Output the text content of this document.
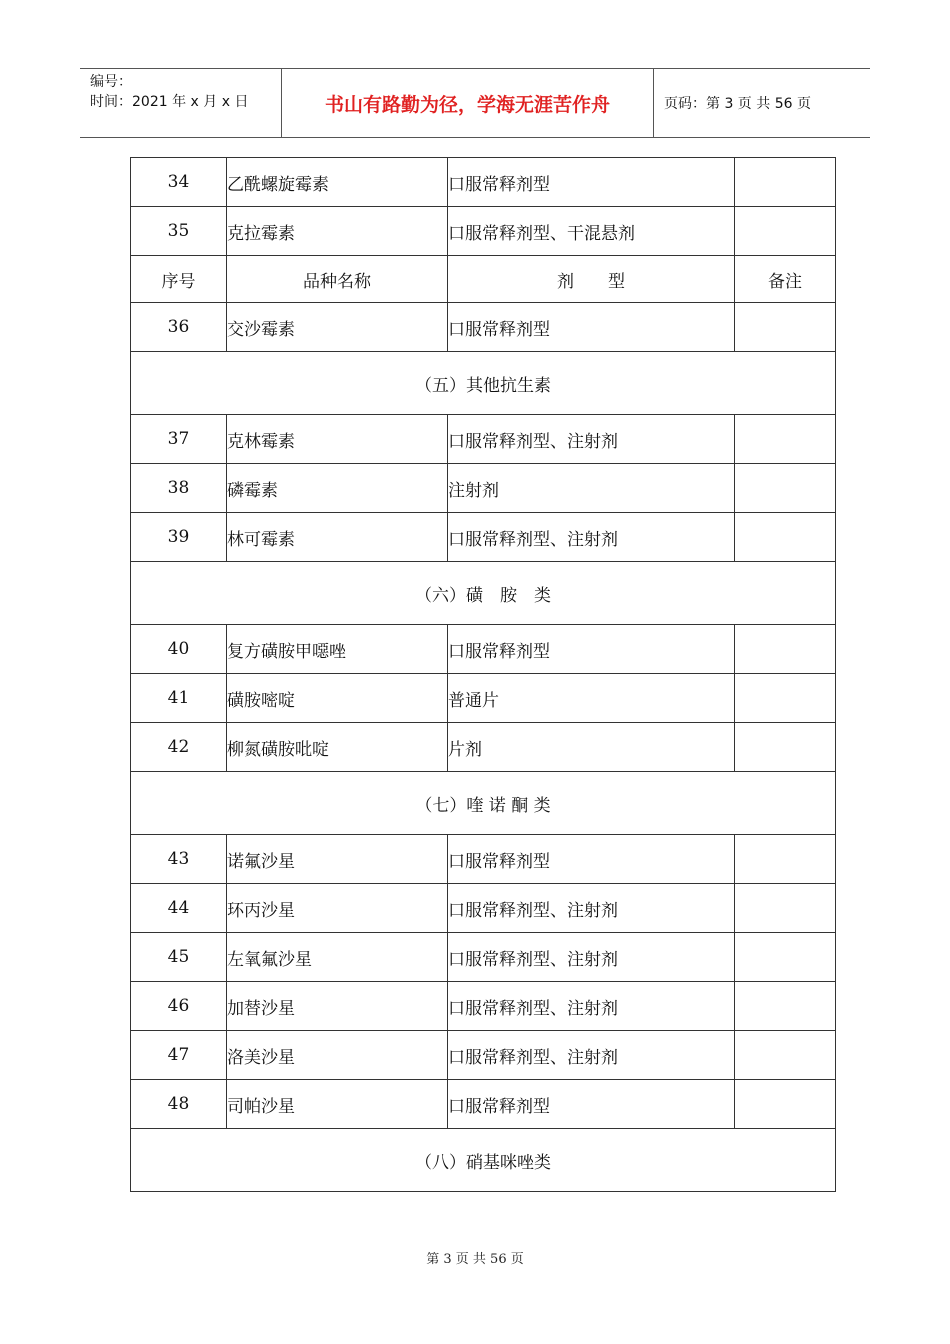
编号：
时间：2021 年 x 月 x 日	书山有路勤为径，学海无涯苦作舟	页码：第 3 页 共 56 页
34	乙酰螺旋霉素	口服常释剂型	
35	克拉霉素	口服常释剂型、干混悬剂	
序号	品种名称	剂　　型	备注
36	交沙霉素	口服常释剂型	
（五）其他抗生素			
37	克林霉素	口服常释剂型、注射剂	
38	磷霉素	注射剂	
39	林可霉素	口服常释剂型、注射剂	
（六）磺　胺　类			
40	复方磺胺甲噁唑	口服常释剂型	
41	磺胺嘧啶	普通片	
42	柳氮磺胺吡啶	片剂	
（七）喹 诺 酮 类			
43	诺氟沙星	口服常释剂型	
44	环丙沙星	口服常释剂型、注射剂	
45	左氧氟沙星	口服常释剂型、注射剂	
46	加替沙星	口服常释剂型、注射剂	
47	洛美沙星	口服常释剂型、注射剂	
48	司帕沙星	口服常释剂型	
（八）硝基咪唑类			
第 3 页 共 56 页
